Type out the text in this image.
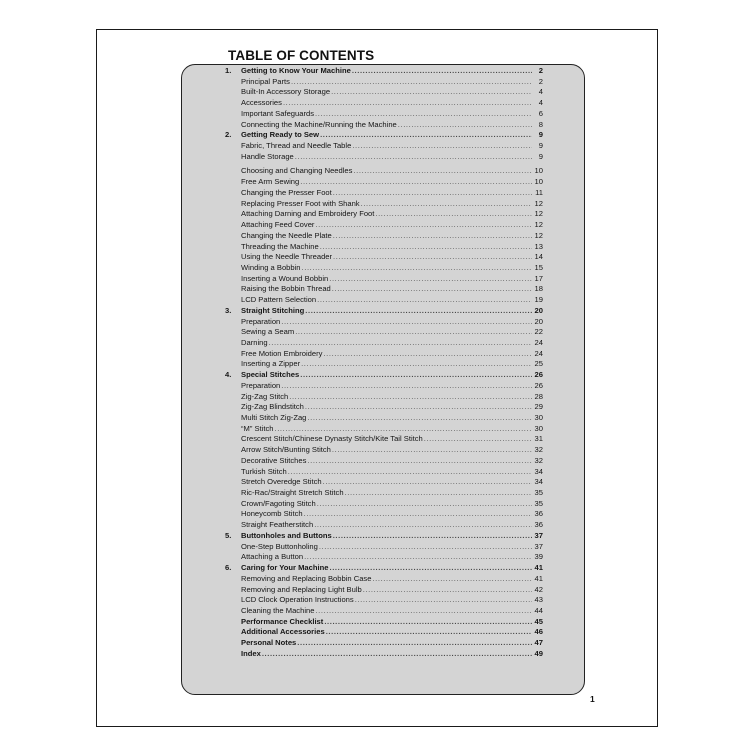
TABLE OF CONTENTS
1.	Getting to Know Your Machine .....	2
Principal Parts .....	2
Built-In Accessory Storage .....	4
Accessories .....	4
Important Safeguards .....	6
Connecting the Machine/Running the Machine .....	8
2.	Getting Ready to Sew .....	9
Fabric, Thread and Needle Table .....	9
Handle Storage .....	9
Choosing and Changing Needles .....	10
Free Arm Sewing .....	10
Changing the Presser Foot .....	11
Replacing Presser Foot with Shank .....	12
Attaching Darning and Embroidery Foot .....	12
Attaching Feed Cover .....	12
Changing the Needle Plate .....	12
Threading the Machine .....	13
Using the Needle Threader .....	14
Winding a Bobbin .....	15
Inserting a Wound Bobbin .....	17
Raising the Bobbin Thread .....	18
LCD Pattern Selection .....	19
3.	Straight Stitching .....	20
Preparation .....	20
Sewing a Seam .....	22
Darning .....	24
Free Motion Embroidery .....	24
Inserting a Zipper .....	25
4.	Special Stitches .....	26
Preparation .....	26
Zig-Zag Stitch .....	28
Zig-Zag Blindstitch .....	29
Multi Stitch Zig-Zag .....	30
“M” Stitch .....	30
Crescent Stitch/Chinese Dynasty Stitch/Kite Tail Stitch .....	31
Arrow Stitch/Bunting Stitch .....	32
Decorative Stitches .....	32
Turkish Stitch .....	34
Stretch Overedge Stitch .....	34
Ric-Rac/Straight Stretch Stitch .....	35
Crown/Fagoting Stitch .....	35
Honeycomb Stitch .....	36
Straight Featherstitch .....	36
5.	Buttonholes and Buttons .....	37
One-Step Buttonholing .....	37
Attaching a Button .....	39
6.	Caring for Your Machine .....	41
Removing and Replacing Bobbin Case .....	41
Removing and Replacing Light Bulb .....	42
LCD Clock Operation Instructions .....	43
Cleaning the Machine .....	44
Performance Checklist .....	45
Additional Accessories .....	46
Personal Notes .....	47
Index .....	49
1
